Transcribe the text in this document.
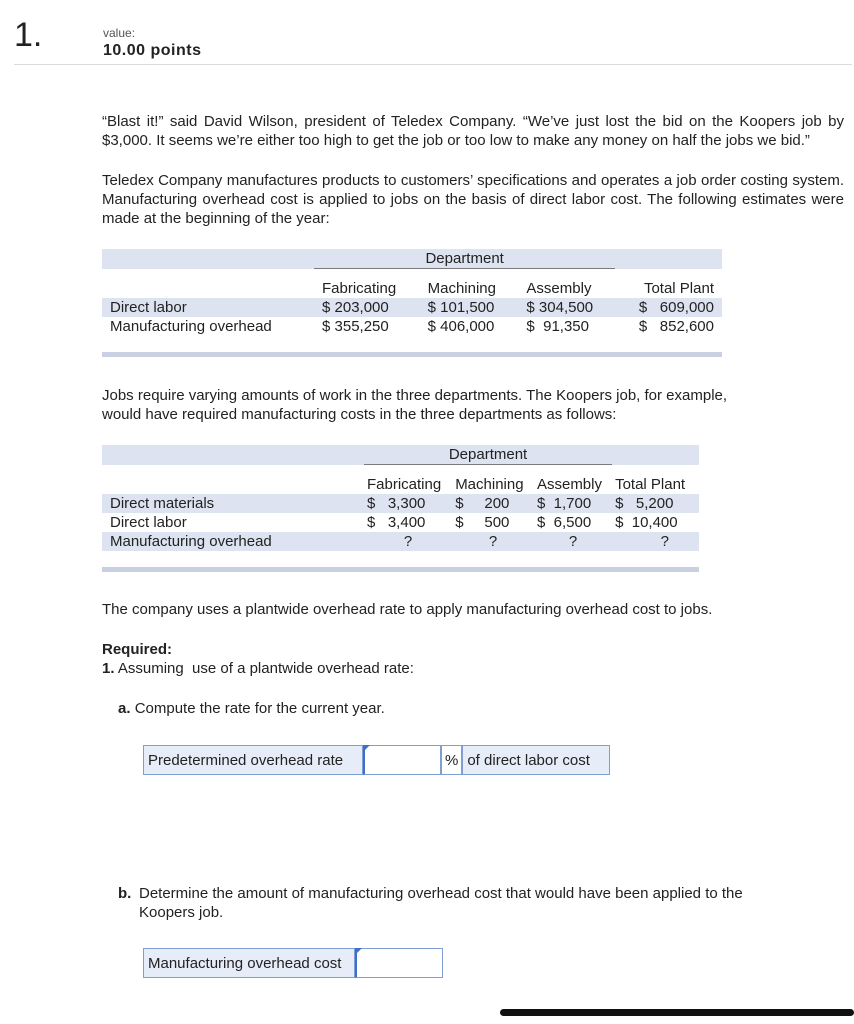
1.	value:
10.00 points
“Blast it!” said David Wilson, president of Teledex Company. “We’ve just lost the bid on the Koopers job by $3,000. It seems we’re either too high to get the job or too low to make any money on half the jobs we bid.”
Teledex Company manufactures products to customers’ specifications and operates a job order costing system. Manufacturing overhead cost is applied to jobs on the basis of direct labor cost. The following estimates were made at the beginning of the year:
	Department			

	Fabricating	Machining	Assembly	Total Plant
Direct labor	$ 203,000	$ 101,500	$ 304,500	$   609,000
Manufacturing overhead	$ 355,250	$ 406,000	$  91,350	$   852,600
Jobs require varying amounts of work in the three departments. The Koopers job, for example, would have required manufacturing costs in the three departments as follows:
	Department			

	Fabricating	Machining	Assembly	Total Plant
Direct materials	$   3,300	$     200	$  1,700	$   5,200
Direct labor	$   3,400	$     500	$  6,500	$  10,400
Manufacturing overhead	?	?	?	?
The company uses a plantwide overhead rate to apply manufacturing overhead cost to jobs.
Required:
1. Assuming  use of a plantwide overhead rate:
a. Compute the rate for the current year.
Predetermined overhead rate	% of direct labor cost
b. Determine the amount of manufacturing overhead cost that would have been applied to the Koopers job.
Manufacturing overhead cost
